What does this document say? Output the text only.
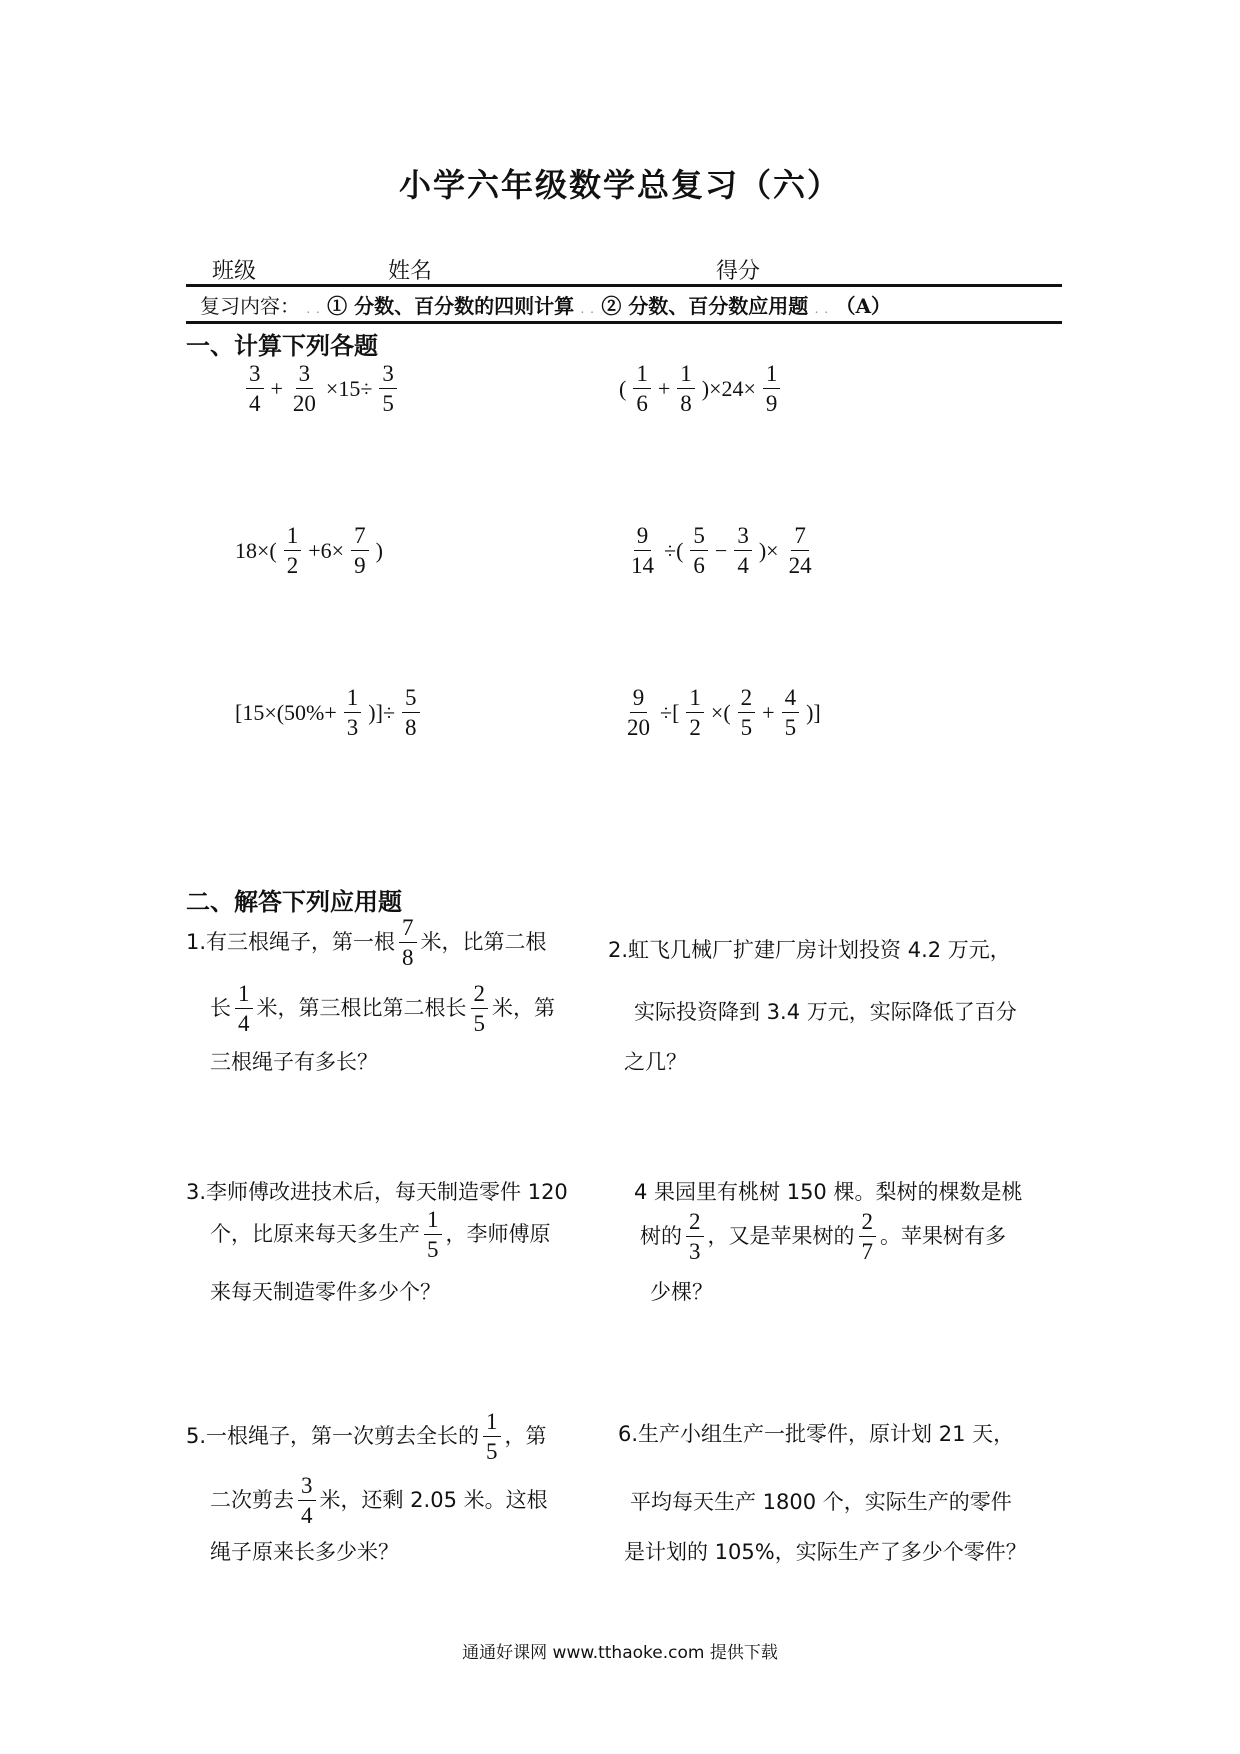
小学六年级数学总复习（六）
班级	姓名	得分
复习内容： . . ① 分数、百分数的四则计算 . . ② 分数、百分数应用题 . . （A）
一、计算下列各题
$\frac{3}{4} + \frac{3}{20} \times 15\div \frac{3}{5}$	( $\frac{1}{6} + \frac{1}{8} )\times 24\times \frac{1}{9}$
$18\times( \frac{1}{2} +6\times \frac{7}{9}$ )	$\frac{9}{14}$ ÷( $\frac{5}{6} - \frac{3}{4}$ )× $\frac{7}{24}$
[$15\times(50\%+ \frac{1}{3}$ )]÷ $\frac{5}{8}$	$\frac{9}{20}$ ÷[ $\frac{1}{2}$ ×( $\frac{2}{5} + \frac{4}{5}$ )]
二、解答下列应用题
1.有三根绳子，第一根 $\frac{7}{8}$ 米，比第二根
长 $\frac{1}{4}$ 米，第三根比第二根长 $\frac{2}{5}$ 米，第
三根绳子有多长？
2.虹飞几械厂扩建厂房计划投资 4.2 万元，
实际投资降到 3.4 万元，实际降低了百分
之几？
3.李师傅改进技术后，每天制造零件 120
个，比原来每天多生产 $\frac{1}{5}$ ，李师傅原
来每天制造零件多少个？
4 果园里有桃树 150 棵。梨树的棵数是桃
树的 $\frac{2}{3}$ ，又是苹果树的 $\frac{2}{7}$ 。苹果树有多
少棵？
5.一根绳子，第一次剪去全长的 $\frac{1}{5}$ ，第
二次剪去 $\frac{3}{4}$ 米，还剩 2.05 米。这根
绳子原来长多少米？
6.生产小组生产一批零件，原计划 21 天，
平均每天生产 1800 个，实际生产的零件
是计划的 105%，实际生产了多少个零件？
通通好课网 www.tthaoke.com 提供下载
